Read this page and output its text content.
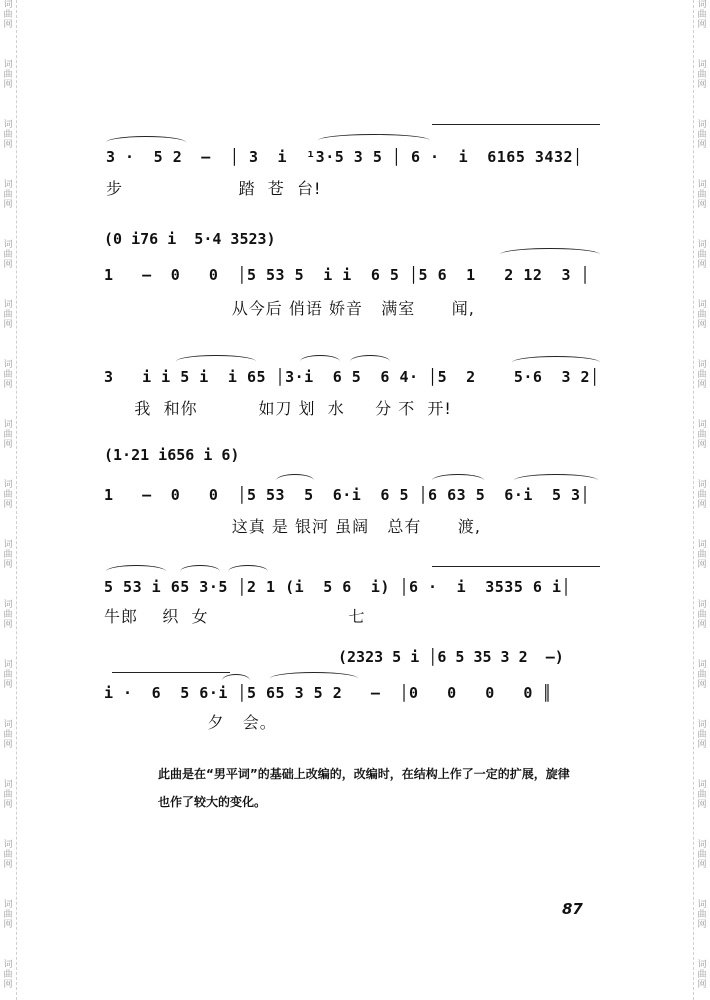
词
曲
网
词
曲
网
词
曲
网
词
曲
网
词
曲
网
词
曲
网
词
曲
网
词
曲
网
词
曲
网
词
曲
网
词
曲
网
词
曲
网
词
曲
网
词
曲
网
词
曲
网
词
曲
网
词
曲
网
词
曲
网
词
曲
网
词
曲
网
词
曲
网
词
曲
网
词
曲
网
词
曲
网
词
曲
网
词
曲
网
词
曲
网
词
曲
网
词
曲
网
词
曲
网
词
曲
网
词
曲
网
词
曲
网
词
曲
网
3 ·  5 2  —  │ 3  i  ¹3·5 3 5 │ 6 ·  i  6165 3432│
步                   踏  苍  台!
(0 i76 i  5·4 3523)
1   —  0   0  │5 53 5  i i  6 5 │5 6  1   2 12  3 │
从今后 俏语 娇音   满室      闻,
3   i i 5 i  i 65 │3·i  6 5  6 4· │5  2    5·6  3 2│
我  和你          如刀 划  水     分 不  开!
(1·21 i656 i 6)
1   —  0   0  │5 53  5  6·i  6 5 │6 63 5  6·i  5 3│
这真 是 银河 虽阔   总有      渡,
5 53 i 65 3·5 │2 1 (i  5 6  i) │6 ·  i  3535 6 i│
牛郎    织  女                       七
(2323 5 i │6 5 35 3 2  —)
i ·  6  5 6·i │5 65 3 5 2   —  │0   0   0   0 ║
夕   会。
此曲是在“男平词”的基础上改编的，改编时，在结构上作了一定的扩展，旋律也作了较大的变化。
87
